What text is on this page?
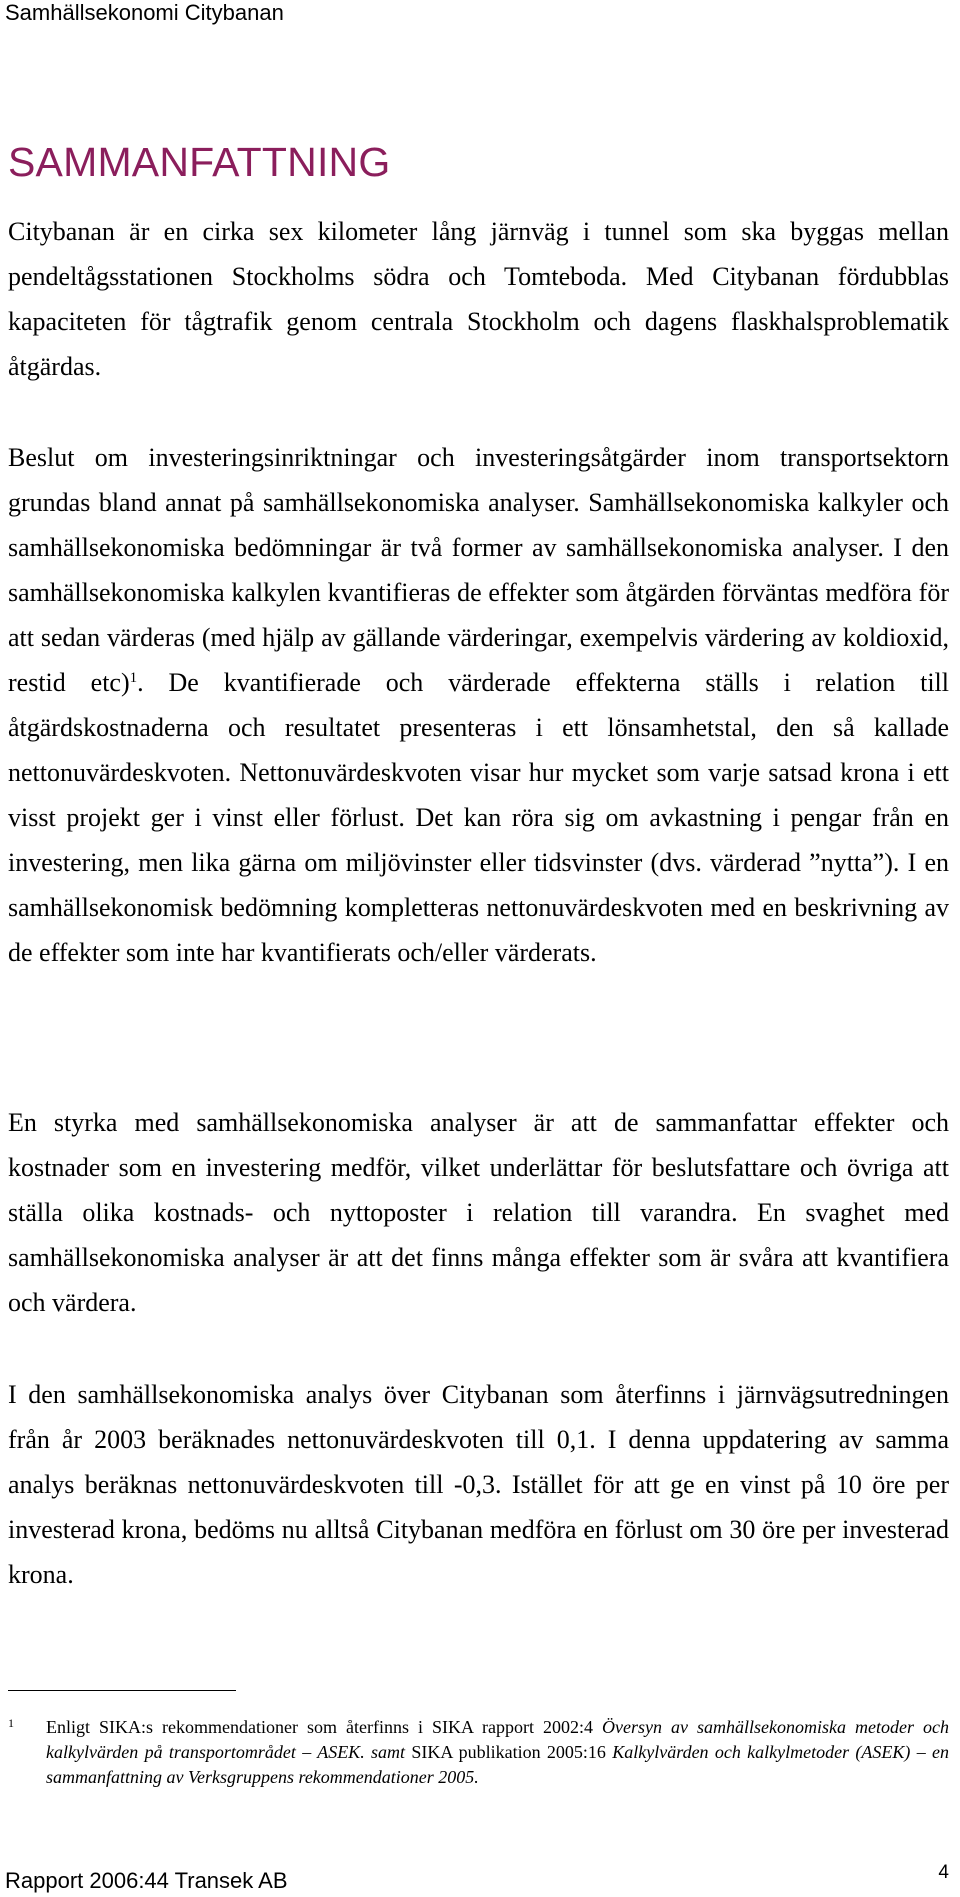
Samhällsekonomi Citybanan
SAMMANFATTNING

Citybanan är en cirka sex kilometer lång järnväg i tunnel som ska byggas mellan pendeltågsstationen Stockholms södra och Tomteboda. Med Citybanan fördubblas kapaciteten för tågtrafik genom centrala Stockholm och dagens flaskhalsproblematik åtgärdas.

Beslut om investeringsinriktningar och investeringsåtgärder inom transportsektorn grundas bland annat på samhällsekonomiska analyser. Samhällsekonomiska kalkyler och samhällsekonomiska bedömningar är två former av samhällsekonomiska analyser. I den samhällsekonomiska kalkylen kvantifieras de effekter som åtgärden förväntas medföra för att sedan värderas (med hjälp av gällande värderingar, exempelvis värdering av koldioxid, restid etc)$^1$. De kvantifierade och värderade effekterna ställs i relation till åtgärdskostnaderna och resultatet presenteras i ett lönsamhetstal, den så kallade nettonuvärdeskvoten. Nettonuvärdeskvoten visar hur mycket som varje satsad krona i ett visst projekt ger i vinst eller förlust. Det kan röra sig om avkastning i pengar från en investering, men lika gärna om miljövinster eller tidsvinster (dvs. värderad ”nytta”). I en samhällsekonomisk bedömning kompletteras nettonuvärdeskvoten med en beskrivning av de effekter som inte har kvantifierats och/eller värderats.

En styrka med samhällsekonomiska analyser är att de sammanfattar effekter och kostnader som en investering medför, vilket underlättar för beslutsfattare och övriga att ställa olika kostnads- och nyttoposter i relation till varandra. En svaghet med samhällsekonomiska analyser är att det finns många effekter som är svåra att kvantifiera och värdera.

I den samhällsekonomiska analys över Citybanan som återfinns i järnvägsutredningen från år 2003 beräknades nettonuvärdeskvoten till 0,1. I denna uppdatering av samma analys beräknas nettonuvärdeskvoten till -0,3. Istället för att ge en vinst på 10 öre per investerad krona, bedöms nu alltså Citybanan medföra en förlust om 30 öre per investerad krona.

$^1$ Enligt SIKA:s rekommendationer som återfinns i SIKA rapport 2002:4 Översyn av samhällsekonomiska metoder och kalkylvärden på transportområdet – ASEK. samt SIKA publikation 2005:16 Kalkylvärden och kalkylmetoder (ASEK) – en sammanfattning av Verksgruppens rekommendationer 2005.

4
Rapport 2006:44 Transek AB
